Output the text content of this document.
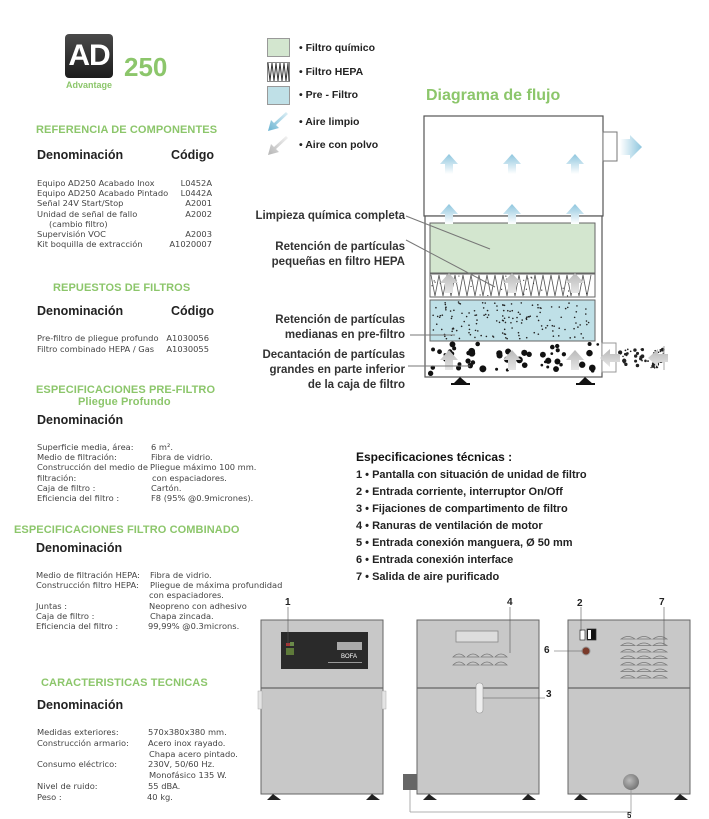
AD
Advantage
250
REFERENCIA DE COMPONENTES
Denominación	Código
Equipo AD250 Acabado Inox	L0452A
Equipo AD250 Acabado Pintado L0442A
Señal 24V Start/Stop	A2001
Unidad de señal de fallo	A2002
(cambio filtro)
Supervisión VOC	A2003
Kit boquilla de extracción	A1020007
REPUESTOS DE FILTROS
Denominación	Código
Pre-filtro de pliegue profundo A1030056
Filtro combinado HEPA / Gas A1030055
ESPECIFICACIONES PRE-FILTRO
Pliegue Profundo
Denominación
Superficie media, área: 6 m².
Medio de filtración:	Fibra de vidrio.
Construcción del medio de Pliegue máximo 100 mm.
filtración:	con espaciadores.
Caja de filtro :	Cartón.
Eficiencia del filtro :	F8 (95% @0.9micrones).
ESPECIFICACIONES FILTRO COMBINADO
Denominación
Medio de filtración HEPA: Fibra de vidrio.
Construcción filtro HEPA: Pliegue de máxima profundidad
con espaciadores.
Juntas :	Neopreno con adhesivo
Caja de filtro :	Chapa zincada.
Eficiencia del filtro :	99,99% @0.3microns.
CARACTERISTICAS TECNICAS
Denominación
Medidas exteriores:	570x380x380 mm.
Construcción armario: Acero inox rayado.
Chapa acero pintado.
Consumo eléctrico:	230V, 50/60 Hz.
Monofásico 135 W.
Nivel de ruido:	55 dBA.
Peso :	40 kg.
• Filtro químico
• Filtro HEPA
• Pre - Filtro
• Aire limpio
• Aire con polvo
Diagrama de flujo
Limpieza química completa
Retención de partículas
pequeñas en filtro HEPA
Retención de partículas
medianas en pre-filtro
Decantación de partículas
grandes en parte inferior
de la caja de filtro
Especificaciones técnicas :
1 • Pantalla con situación de unidad de filtro
2 • Entrada corriente, interruptor On/Off
3 • Fijaciones de compartimento de filtro
4 • Ranuras de ventilación de motor
5 • Entrada conexión manguera, Ø 50 mm
6 • Entrada conexión interface
7 • Salida de aire purificado
BOFA
1	2
3
4
5
6
7
